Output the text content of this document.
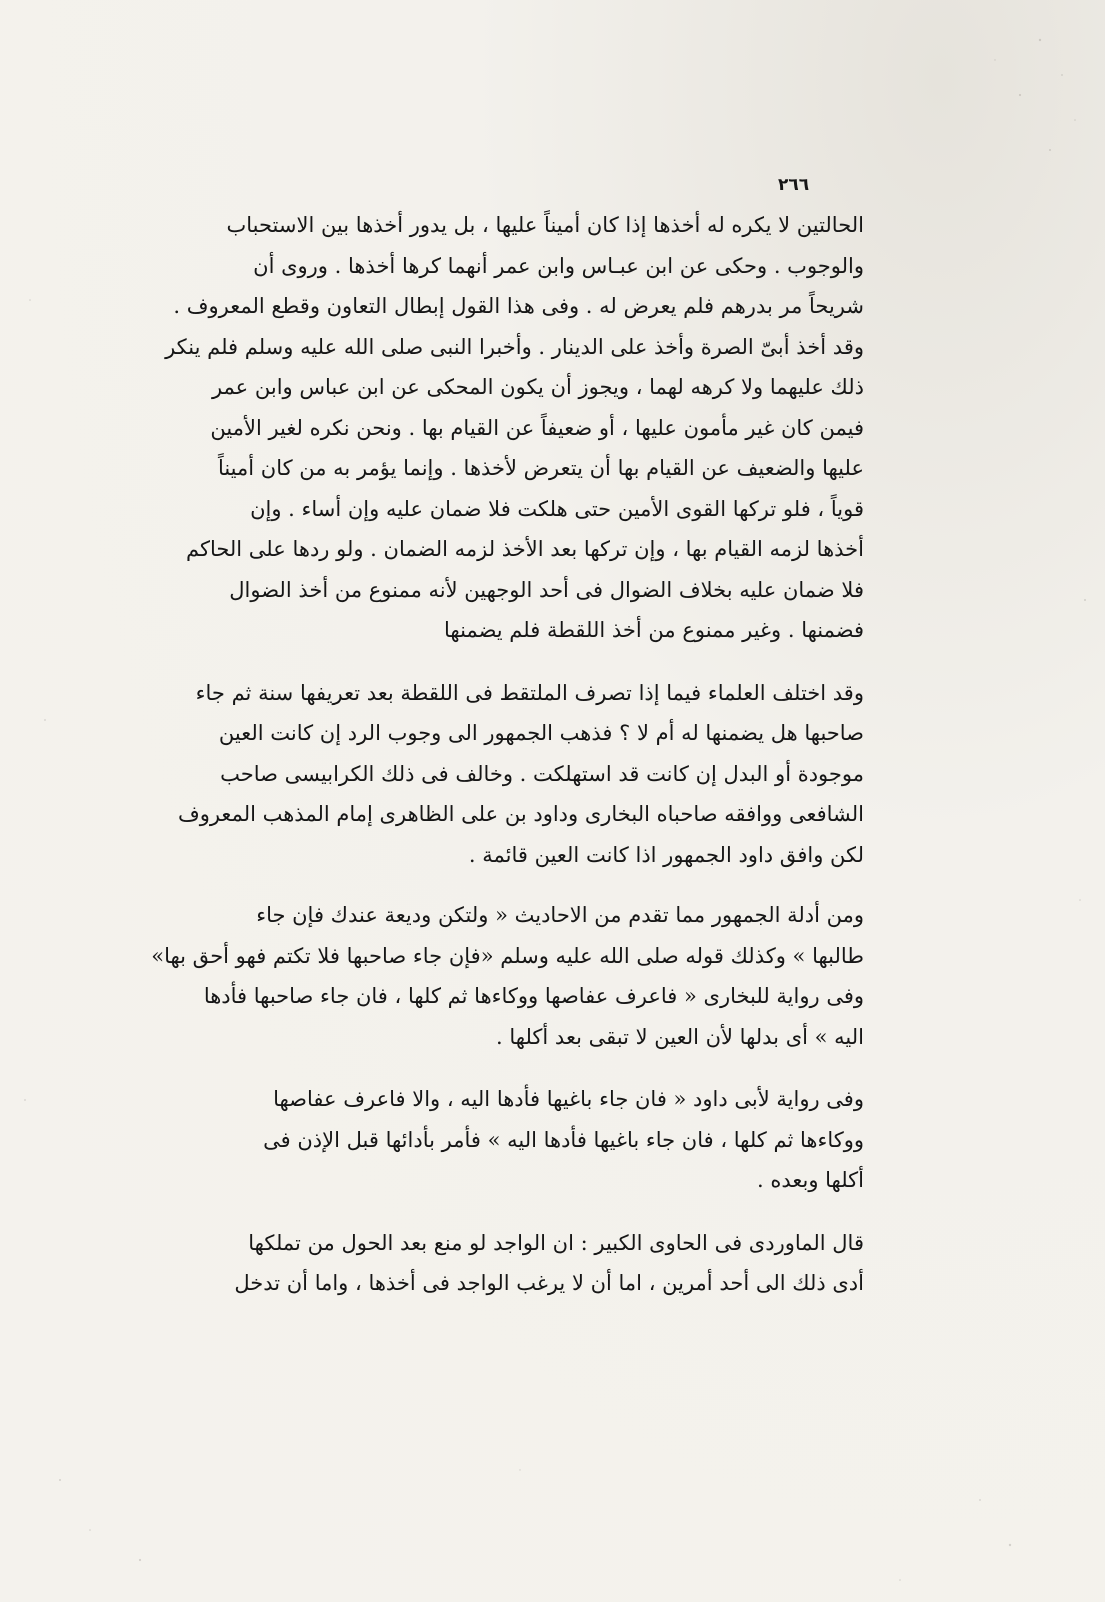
٢٦٦

الحالتين لا يكره له أخذها إذا كان أميناً عليها ، بل يدور أخذها بين الاستحباب
والوجوب . وحكى عن ابن عبـاس وابن عمر أنهما كرها أخذها . وروى أن
شريحاً مر بدرهم فلم يعرض له . وفى هذا القول إبطال التعاون وقطع المعروف .
وقد أخذ أبىّ الصرة وأخذ على الدينار . وأخبرا النبى صلى الله عليه وسلم فلم ينكر
ذلك عليهما ولا كرهه لهما ، ويجوز أن يكون المحكى عن ابن عباس وابن عمر
فيمن كان غير مأمون عليها ، أو ضعيفاً عن القيام بها . ونحن نكره لغير الأمين
عليها والضعيف عن القيام بها أن يتعرض لأخذها . وإنما يؤمر به من كان أميناً
قوياً ، فلو تركها القوى الأمين حتى هلكت فلا ضمان عليه وإن أساء . وإن
أخذها لزمه القيام بها ، وإن تركها بعد الأخذ لزمه الضمان . ولو ردها على الحاكم
فلا ضمان عليه بخلاف الضوال فى أحد الوجهين لأنه ممنوع من أخذ الضوال
فضمنها . وغير ممنوع من أخذ اللقطة فلم يضمنها

وقد اختلف العلماء فيما إذا تصرف الملتقط فى اللقطة بعد تعريفها سنة ثم جاء
صاحبها هل يضمنها له أم لا ؟ فذهب الجمهور الى وجوب الرد إن كانت العين
موجودة أو البدل إن كانت قد استهلكت . وخالف فى ذلك الكرابيسى صاحب
الشافعى ووافقه صاحباه البخارى وداود بن على الظاهرى إمام المذهب المعروف
لكن وافق داود الجمهور اذا كانت العين قائمة .

ومن أدلة الجمهور مما تقدم من الاحاديث « ولتكن وديعة عندك فإن جاء
طالبها » وكذلك قوله صلى الله عليه وسلم «فإن جاء صاحبها فلا تكتم فهو أحق بها»
وفى رواية للبخارى « فاعرف عفاصها ووكاءها ثم كلها ، فان جاء صاحبها فأدها
اليه » أى بدلها لأن العين لا تبقى بعد أكلها .

وفى رواية لأبى داود « فان جاء باغيها فأدها اليه ، والا فاعرف عفاصها
ووكاءها ثم كلها ، فان جاء باغيها فأدها اليه » فأمر بأدائها قبل الإذن فى
أكلها وبعده .

قال الماوردى فى الحاوى الكبير : ان الواجد لو منع بعد الحول من تملكها
أدى ذلك الى أحد أمرين ، اما أن لا يرغب الواجد فى أخذها ، واما أن تدخل
